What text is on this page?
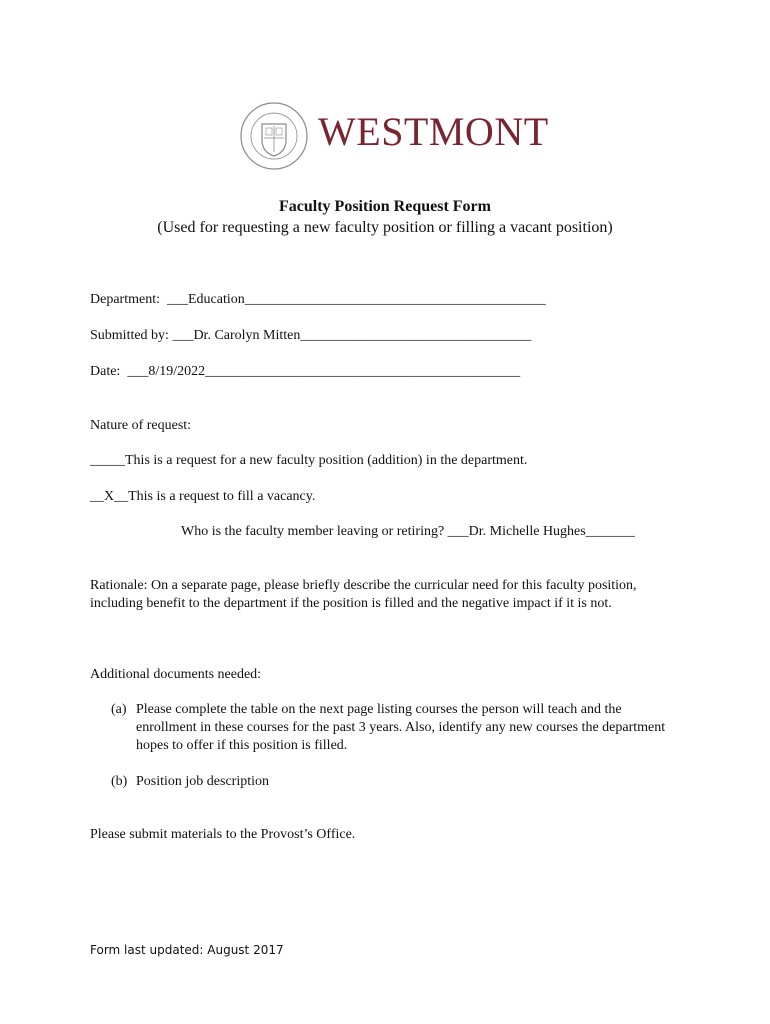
WESTMONT
Faculty Position Request Form
(Used for requesting a new faculty position or filling a vacant position)
Department:  ___Education___________________________________________
Submitted by: ___Dr. Carolyn Mitten_________________________________
Date:  ___8/19/2022_____________________________________________
Nature of request:
_____This is a request for a new faculty position (addition) in the department.
__X__This is a request to fill a vacancy.
Who is the faculty member leaving or retiring? ___Dr. Michelle Hughes_______
Rationale: On a separate page, please briefly describe the curricular need for this faculty position, including benefit to the department if the position is filled and the negative impact if it is not.
Additional documents needed:
(a) Please complete the table on the next page listing courses the person will teach and the enrollment in these courses for the past 3 years. Also, identify any new courses the department hopes to offer if this position is filled.
(b) Position job description
Please submit materials to the Provost’s Office.
Form last updated: August 2017
